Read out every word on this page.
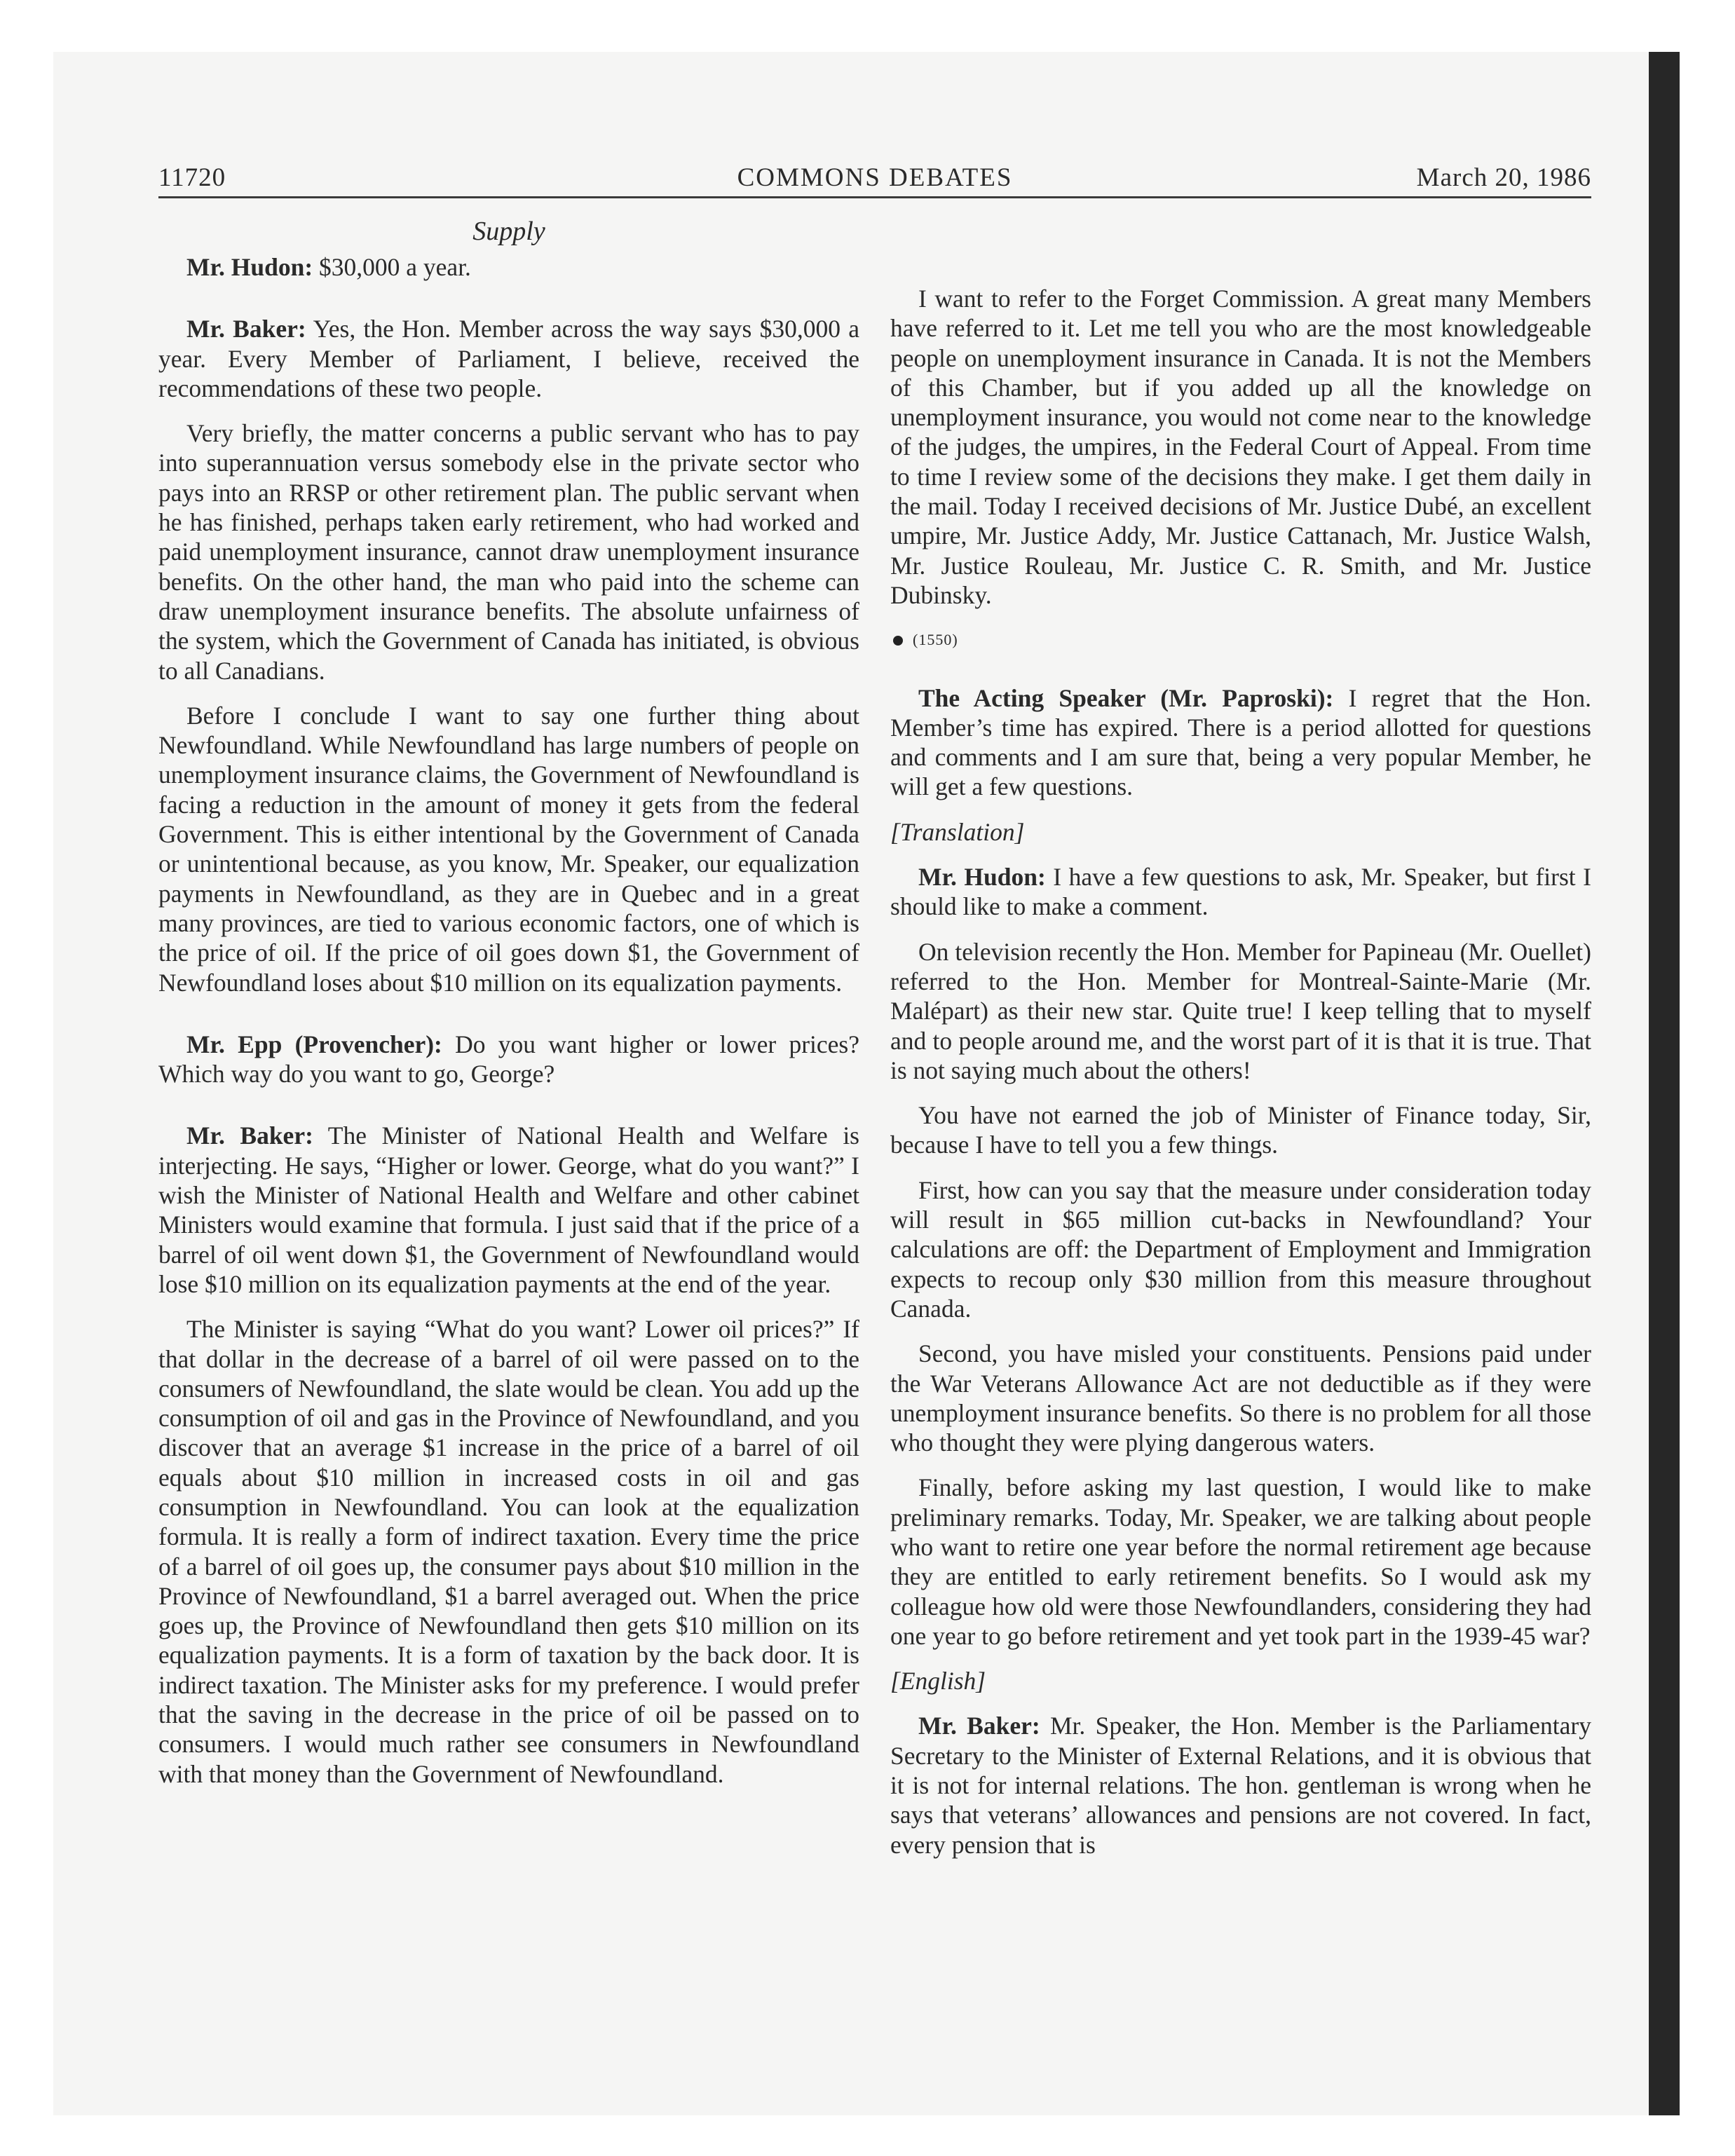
11720	COMMONS DEBATES	March 20, 1986
Supply

Mr. Hudon: $30,000 a year.

Mr. Baker: Yes, the Hon. Member across the way says $30,000 a year. Every Member of Parliament, I believe, received the recommendations of these two people.

Very briefly, the matter concerns a public servant who has to pay into superannuation versus somebody else in the private sector who pays into an RRSP or other retirement plan. The public servant when he has finished, perhaps taken early retirement, who had worked and paid unemployment insurance, cannot draw unemployment insurance benefits. On the other hand, the man who paid into the scheme can draw unemployment insurance benefits. The absolute unfairness of the system, which the Government of Canada has initiated, is obvious to all Canadians.

Before I conclude I want to say one further thing about Newfoundland. While Newfoundland has large numbers of people on unemployment insurance claims, the Government of Newfoundland is facing a reduction in the amount of money it gets from the federal Government. This is either intentional by the Government of Canada or unintentional because, as you know, Mr. Speaker, our equalization payments in Newfoundland, as they are in Quebec and in a great many provinces, are tied to various economic factors, one of which is the price of oil. If the price of oil goes down $1, the Government of Newfoundland loses about $10 million on its equalization payments.

Mr. Epp (Provencher): Do you want higher or lower prices? Which way do you want to go, George?

Mr. Baker: The Minister of National Health and Welfare is interjecting. He says, “Higher or lower. George, what do you want?” I wish the Minister of National Health and Welfare and other cabinet Ministers would examine that formula. I just said that if the price of a barrel of oil went down $1, the Government of Newfoundland would lose $10 million on its equalization payments at the end of the year.

The Minister is saying “What do you want? Lower oil prices?” If that dollar in the decrease of a barrel of oil were passed on to the consumers of Newfoundland, the slate would be clean. You add up the consumption of oil and gas in the Province of Newfoundland, and you discover that an average $1 increase in the price of a barrel of oil equals about $10 million in increased costs in oil and gas consumption in Newfoundland. You can look at the equalization formula. It is really a form of indirect taxation. Every time the price of a barrel of oil goes up, the consumer pays about $10 million in the Province of Newfoundland, $1 a barrel averaged out. When the price goes up, the Province of Newfoundland then gets $10 million on its equalization payments. It is a form of taxation by the back door. It is indirect taxation. The Minister asks for my preference. I would prefer that the saving in the decrease in the price of oil be passed on to consumers. I would much rather see consumers in Newfoundland with that money than the Government of Newfoundland.

I want to refer to the Forget Commission. A great many Members have referred to it. Let me tell you who are the most knowledgeable people on unemployment insurance in Canada. It is not the Members of this Chamber, but if you added up all the knowledge on unemployment insurance, you would not come near to the knowledge of the judges, the umpires, in the Federal Court of Appeal. From time to time I review some of the decisions they make. I get them daily in the mail. Today I received decisions of Mr. Justice Dubé, an excellent umpire, Mr. Justice Addy, Mr. Justice Cattanach, Mr. Justice Walsh, Mr. Justice Rouleau, Mr. Justice C. R. Smith, and Mr. Justice Dubinsky.

(1550)

The Acting Speaker (Mr. Paproski): I regret that the Hon. Member’s time has expired. There is a period allotted for questions and comments and I am sure that, being a very popular Member, he will get a few questions.

[Translation]

Mr. Hudon: I have a few questions to ask, Mr. Speaker, but first I should like to make a comment.

On television recently the Hon. Member for Papineau (Mr. Ouellet) referred to the Hon. Member for Montreal-Sainte-Marie (Mr. Malépart) as their new star. Quite true! I keep telling that to myself and to people around me, and the worst part of it is that it is true. That is not saying much about the others!

You have not earned the job of Minister of Finance today, Sir, because I have to tell you a few things.

First, how can you say that the measure under consideration today will result in $65 million cut-backs in Newfoundland? Your calculations are off: the Department of Employment and Immigration expects to recoup only $30 million from this measure throughout Canada.

Second, you have misled your constituents. Pensions paid under the War Veterans Allowance Act are not deductible as if they were unemployment insurance benefits. So there is no problem for all those who thought they were plying dangerous waters.

Finally, before asking my last question, I would like to make preliminary remarks. Today, Mr. Speaker, we are talking about people who want to retire one year before the normal retirement age because they are entitled to early retirement benefits. So I would ask my colleague how old were those Newfoundlanders, considering they had one year to go before retirement and yet took part in the 1939-45 war?

[English]

Mr. Baker: Mr. Speaker, the Hon. Member is the Parliamentary Secretary to the Minister of External Relations, and it is obvious that it is not for internal relations. The hon. gentleman is wrong when he says that veterans’ allowances and pensions are not covered. In fact, every pension that is
